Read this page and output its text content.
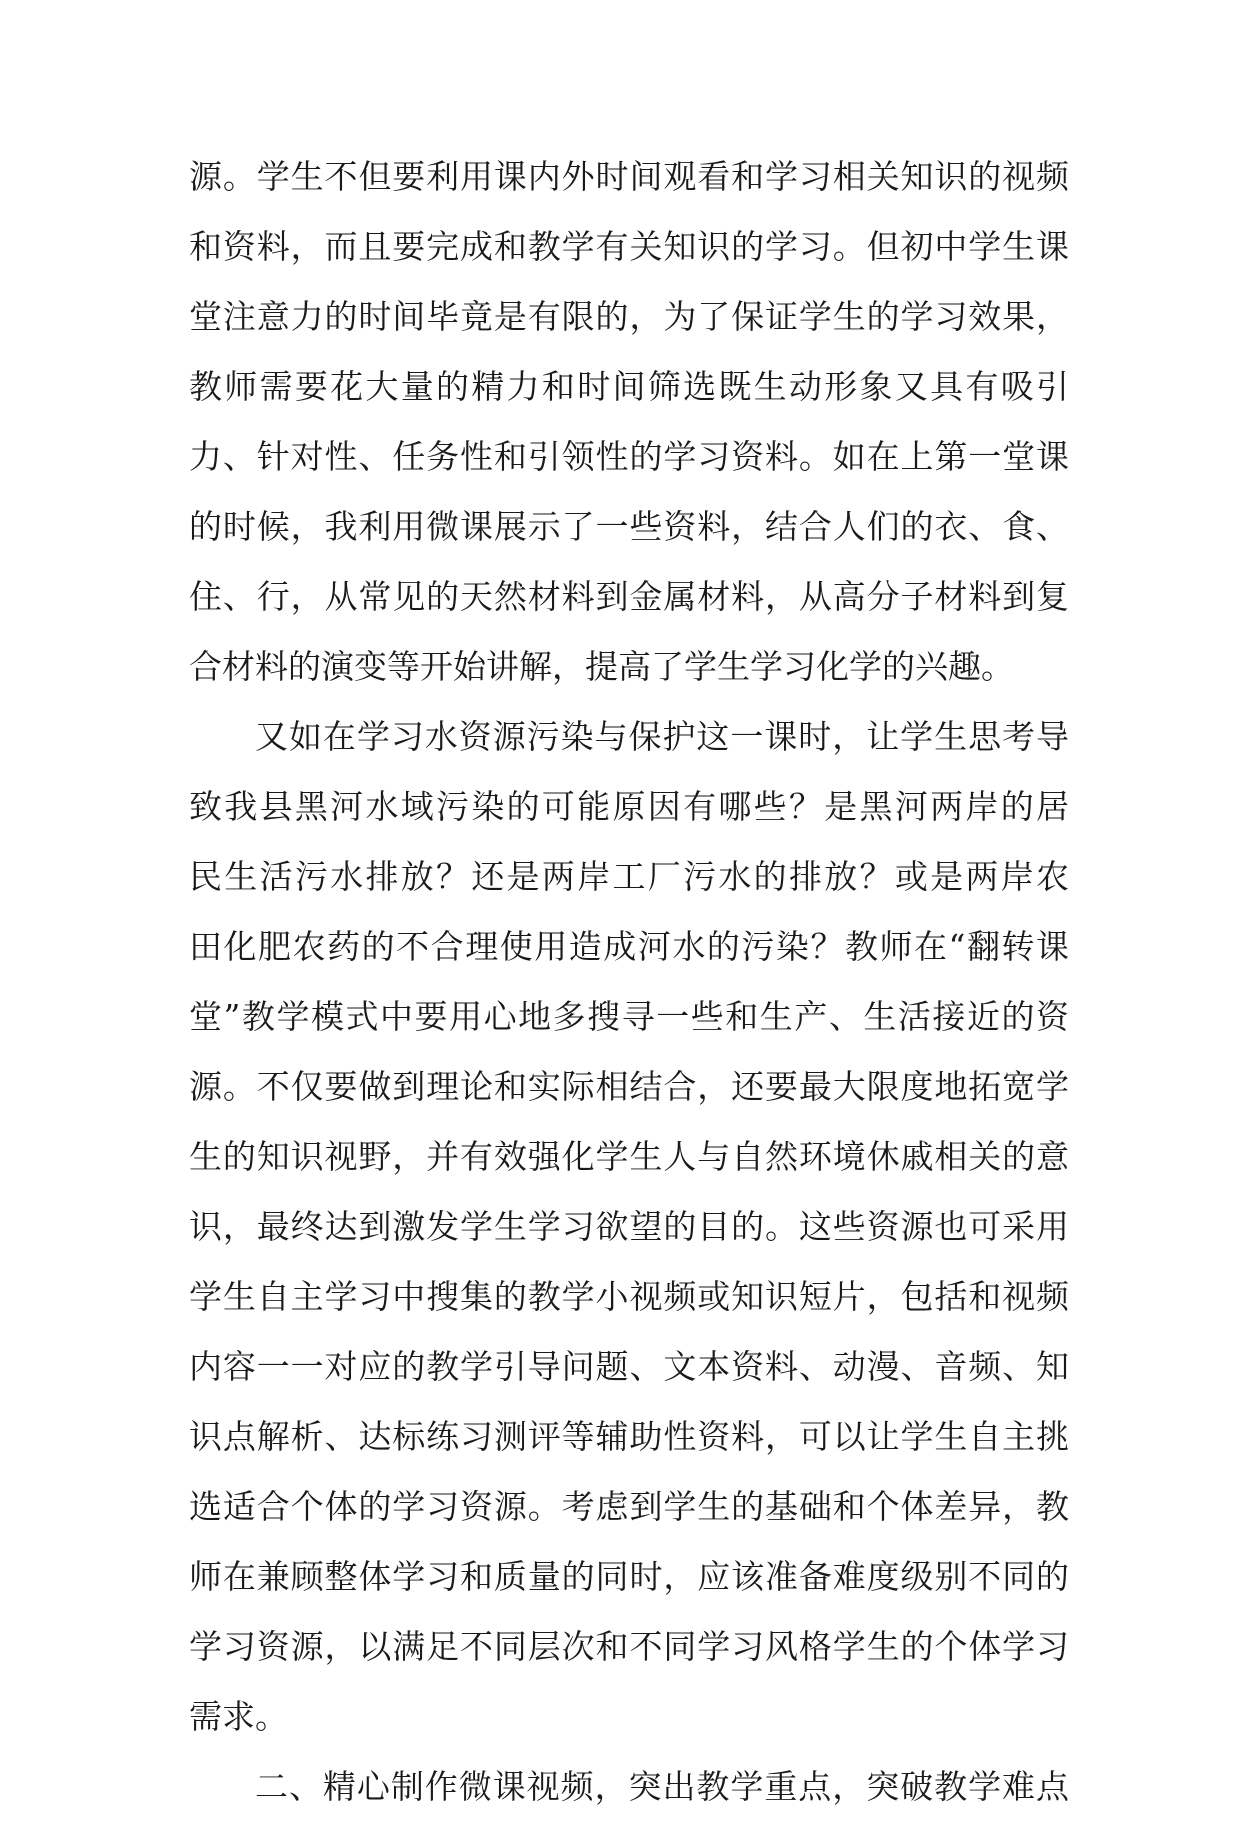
源。学生不但要利用课内外时间观看和学习相关知识的视频
和资料，而且要完成和教学有关知识的学习。但初中学生课
堂注意力的时间毕竟是有限的，为了保证学生的学习效果，
教师需要花大量的精力和时间筛选既生动形象又具有吸引
力、针对性、任务性和引领性的学习资料。如在上第一堂课
的时候，我利用微课展示了一些资料，结合人们的衣、食、
住、行，从常见的天然材料到金属材料，从高分子材料到复
合材料的演变等开始讲解，提高了学生学习化学的兴趣。
又如在学习水资源污染与保护这一课时，让学生思考导
致我县黑河水域污染的可能原因有哪些？是黑河两岸的居
民生活污水排放？还是两岸工厂污水的排放？或是两岸农
田化肥农药的不合理使用造成河水的污染？教师在“翻转课
堂”教学模式中要用心地多搜寻一些和生产、生活接近的资
源。不仅要做到理论和实际相结合，还要最大限度地拓宽学
生的知识视野，并有效强化学生人与自然环境休戚相关的意
识，最终达到激发学生学习欲望的目的。这些资源也可采用
学生自主学习中搜集的教学小视频或知识短片，包括和视频
内容一一对应的教学引导问题、文本资料、动漫、音频、知
识点解析、达标练习测评等辅助性资料，可以让学生自主挑
选适合个体的学习资源。考虑到学生的基础和个体差异，教
师在兼顾整体学习和质量的同时，应该准备难度级别不同的
学习资源，以满足不同层次和不同学习风格学生的个体学习
需求。
二、精心制作微课视频，突出教学重点，突破教学难点
